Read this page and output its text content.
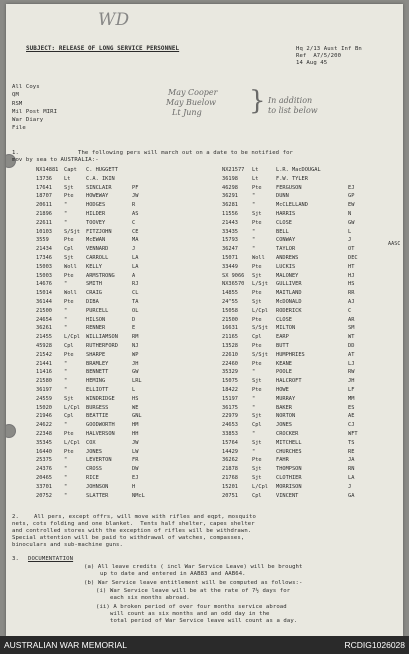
WD
SUBJECT: RELEASE OF LONG SERVICE PERSONNEL	Hq 2/13 Aust Inf Bn
Ref  A7/5/200
14 Aug 45
All Coys
QM
RSM
Mil Post MIRI
War Diary
File
May Cooper
May Buelow
Lt Jung } In addition
to list below
1.	The following pers will march out on a date to be notified for
mov by sea to AUSTRALIA:-
NX14881 Capt C. HUGGETT
13736 Lt	C.A. IKIN
17641 Sjt SINCLAIR	PF
18707 Pte HOWEWAY	JW
20611 "	HODGES	R
21896 "	HILDER	AS
22611 "	TOOVEY	C
10103 S/Sjt FITZJOHN	CE
3559	Pte McEWAN	MA
21434 Cpl VENNARD	J
17346 Sjt CARROLL	LA
15003 Woll KELLY	LA
15003 Pte ARMSTRONG	A
14676 "	SMITH	RJ
15014 Woll CRAIG	CL
36144 Pte DIBA	TA
21500 "	PURCELL	OL
24654 "	HILSON	D
36261 "	RENNER	E
21455 L/Cpl WILLIAMSON	RM
45928 Cpl RUTHERFORD	NJ
21542 Pte SHARPE	WP
21441 "	BRAMLEY	JH
11416 "	BENNETT	GW
21580 "	HEMING	LRL
36197 "	ELLIOTT	L
24559 Sjt WINDRIDGE	HS
15020 L/Cpl BURGESS	WE
21946 Cpl BEATTIE	GNL
24622 "	GOODWORTH	HM
22348 Pte HALVERSON	HH
35345 L/Cpl COX	JW
16440 Pte JONES	LW
25375 "	LEVERTON	FR
24376 "	CROSS	DW
20465 "	RICE	EJ
33701 "	JOHNSON	H
20752 "	SLATTER	NMcL
NX21577 Lt	L.R. MacDOUGAL
36198	Lt	F.W. TYLER
46298	Pte	FERGUSON	EJ
36291	"	DUNN	GP
36281	"	McCLELLAND	EW
11556	Sjt	HARRIS	N
21443	Pte	CLOSE	GW
33435	"	BELL	L
15793	"	CONWAY	J
36247	"	TAYLOR	OT
15071	Woll ANDREWS	DEC
33449	Pte	LUCKIS	HT
SX 9066 Sjt	MALONEY	HJ
NX36570 L/Sjt GULLIVER	HS
14855	Pte	MAITLAND	RR
24^55	Sjt	McDONALD	AJ
15058	L/Cpl RODERICK	C
21500	Pte	CLOSE	AR
16631	S/Sjt MILTON	SM
21165	Cpl	EARP	WT
13528	Pte	BUTT	DD
22610	S/Sjt HUMPHRIES	AT
22460	Pte	KEANE	LJ
35329	"	POOLE	RW
15075	Sjt	HALCROFT	JH
18422	Pte	HOWE	LF
15197	"	MURRAY	MM
36175	"	BAKER	ES
22979	Sjt	NORTON	AE
24653	Cpl	JONES	CJ
33853	"	CROCKER	WFT
15764	Sjt	MITCHELL	TS
14429	"	CHURCHES	RE
36262	Pte	FAHR	JA
21878	Sjt	THOMPSON	RN
21768	Sjt	CLOTHIER	LA
15201	L/Cpl MORRISON	J
20751	Cpl	VINCENT	GA
AASC
2.	All pers, except offrs, will move with rifles and eqpt, mosquito
nets, cots folding and one blanket.  Tents half shelter, capes shelter
and controlled stores with the exception of rifles will be withdrawn.
Special attention will be paid to withdrawal of watches, compasses,
binoculars and sub-machine guns.
3. DOCUMENTATION
(a) All leave credits ( incl War Service Leave) will be brought
up to date and entered in AAB83 and AAB64.
(b) War Service leave entitlement will be computed as follows:-
(i) War Service leave will be at the rate of 7½ days for
each six months abroad.
(ii) A broken period of over four months service abroad
will count as six months and an odd day in the
total period of War Service leave will count as a day.
AUSTRALIAN WAR MEMORIAL	RCDIG1026028
